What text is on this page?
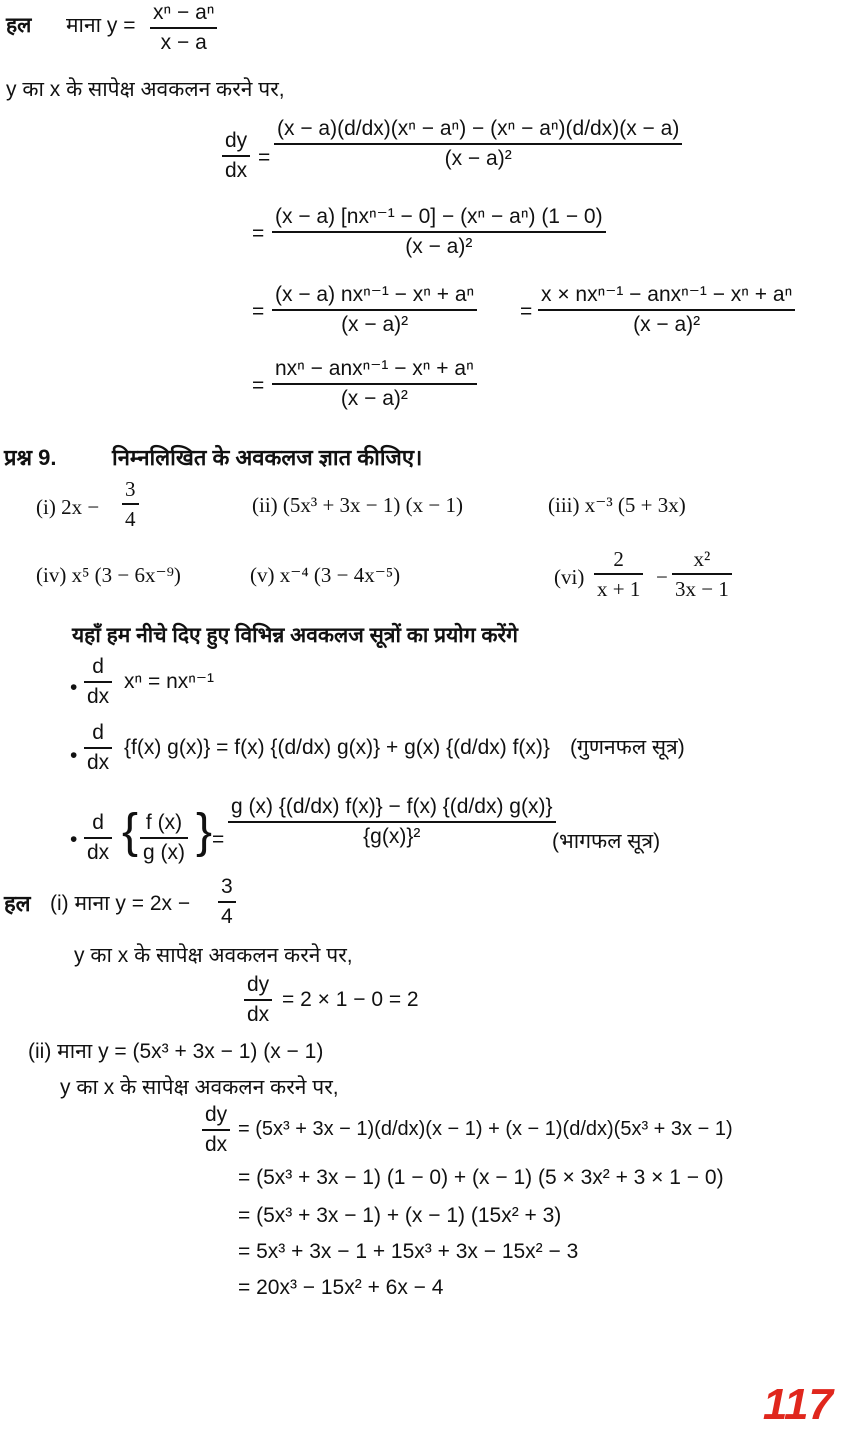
हल माना y =
xⁿ − aⁿ
x − a
y का x के सापेक्ष अवकलन करने पर,
dy
dx
=
(x − a)(d/dx)(xⁿ − aⁿ) − (xⁿ − aⁿ)(d/dx)(x − a)
(x − a)²
=
(x − a) [nxⁿ⁻¹ − 0] − (xⁿ − aⁿ) (1 − 0)
(x − a)²
=
(x − a) nxⁿ⁻¹ − xⁿ + aⁿ
(x − a)²
=
x × nxⁿ⁻¹ − anxⁿ⁻¹ − xⁿ + aⁿ
(x − a)²
=
nxⁿ − anxⁿ⁻¹ − xⁿ + aⁿ
(x − a)²
प्रश्न 9.	निम्नलिखित के अवकलज ज्ञात कीजिए।
(i) 2x −
3
4
(ii) (5x³ + 3x − 1) (x − 1)	(iii) x⁻³ (5 + 3x)
(iv) x⁵ (3 − 6x⁻⁹)	(v) x⁻⁴ (3 − 4x⁻⁵)	(vi)
2
x + 1
−
x²
3x − 1
यहाँ हम नीचे दिए हुए विभिन्न अवकलज सूत्रों का प्रयोग करेंगे
•
d
dx
xⁿ = nxⁿ⁻¹
•
d
dx
{f(x) g(x)} = f(x) {(d/dx) g(x)} + g(x) {(d/dx) f(x)} (गुणनफल सूत्र)
•
d
dx { f (x)
g (x) } =
g (x) {(d/dx) f(x)} − f(x) {(d/dx) g(x)}
{g(x)}²	(भागफल सूत्र)
हल (i) माना y = 2x −
3
4
y का x के सापेक्ष अवकलन करने पर,
dy
dx
= 2 × 1 − 0 = 2
(ii) माना y = (5x³ + 3x − 1) (x − 1)
y का x के सापेक्ष अवकलन करने पर,
dy
dx
= (5x³ + 3x − 1)(d/dx)(x − 1) + (x − 1)(d/dx)(5x³ + 3x − 1)
= (5x³ + 3x − 1) (1 − 0) + (x − 1) (5 × 3x² + 3 × 1 − 0)
= (5x³ + 3x − 1) + (x − 1) (15x² + 3)
= 5x³ + 3x − 1 + 15x³ + 3x − 15x² − 3
= 20x³ − 15x² + 6x − 4
117
